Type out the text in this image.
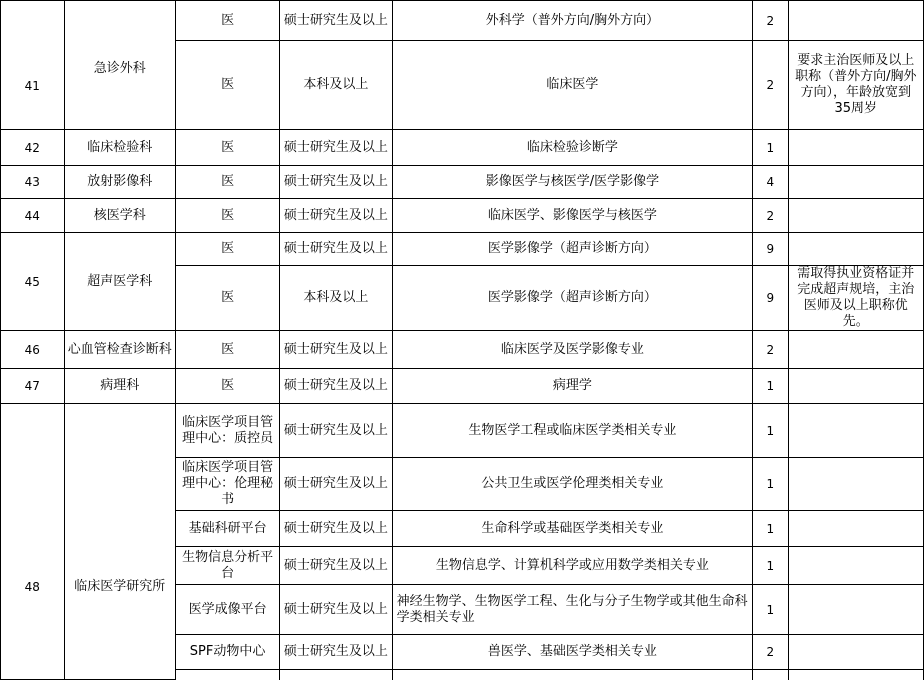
41	急诊外科	医	硕士研究生及以上	外科学（普外方向/胸外方向）	2	
		医	本科及以上	临床医学	2	要求主治医师及以上职称（普外方向/胸外方向），年龄放宽到35周岁
42	临床检验科	医	硕士研究生及以上	临床检验诊断学	1	
43	放射影像科	医	硕士研究生及以上	影像医学与核医学/医学影像学	4	
44	核医学科	医	硕士研究生及以上	临床医学、影像医学与核医学	2	
45	超声医学科	医	硕士研究生及以上	医学影像学（超声诊断方向）	9	
		医	本科及以上	医学影像学（超声诊断方向）	9	需取得执业资格证并完成超声规培，主治医师及以上职称优先。
46	心血管检查诊断科	医	硕士研究生及以上	临床医学及医学影像专业	2	
47	病理科	医	硕士研究生及以上	病理学	1	
48	临床医学研究所	临床医学项目管理中心：质控员	硕士研究生及以上	生物医学工程或临床医学类相关专业	1	
		临床医学项目管理中心：伦理秘书	硕士研究生及以上	公共卫生或医学伦理类相关专业	1	
		基础科研平台	硕士研究生及以上	生命科学或基础医学类相关专业	1	
		生物信息分析平台	硕士研究生及以上	生物信息学、计算机科学或应用数学类相关专业	1	
		医学成像平台	硕士研究生及以上	神经生物学、生物医学工程、生化与分子生物学或其他生命科学类相关专业	1	
		SPF动物中心	硕士研究生及以上	兽医学、基础医学类相关专业	2	
